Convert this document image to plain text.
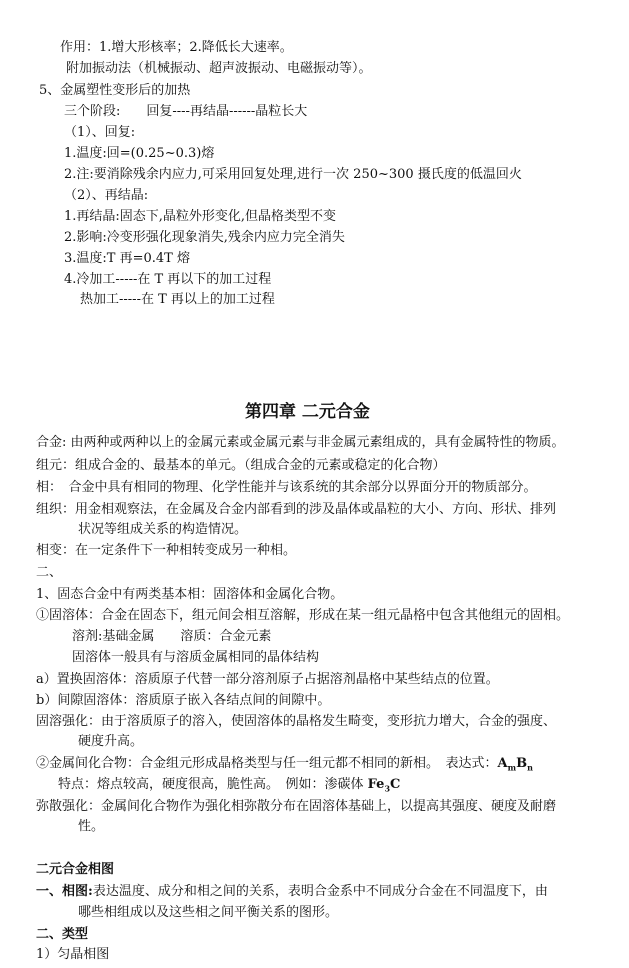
作用：1.增大形核率；2.降低长大速率。
附加振动法（机械振动、超声波振动、电磁振动等）。
5、金属塑性变形后的加热
三个阶段:　　回复----再结晶------晶粒长大
（1）、回复:
1.温度:回=(0.25~0.3)熔
2.注:要消除残余内应力,可采用回复处理,进行一次 250~300 摄氏度的低温回火
（2）、再结晶:
1.再结晶:固态下,晶粒外形变化,但晶格类型不变
2.影响:冷变形强化现象消失,残余内应力完全消失
3.温度:T 再=0.4T 熔
4.冷加工-----在 T 再以下的加工过程
热加工-----在 T 再以上的加工过程
第四章 二元合金
合金: 由两种或两种以上的金属元素或金属元素与非金属元素组成的，具有金属特性的物质。
组元：组成合金的、最基本的单元。（组成合金的元素或稳定的化合物）
相：　合金中具有相同的物理、化学性能并与该系统的其余部分以界面分开的物质部分。
组织：用金相观察法，在金属及合金内部看到的涉及晶体或晶粒的大小、方向、形状、排列
状况等组成关系的构造情况。
相变：在一定条件下一种相转变成另一种相。
二、
1、固态合金中有两类基本相：固溶体和金属化合物。
①固溶体：合金在固态下，组元间会相互溶解，形成在某一组元晶格中包含其他组元的固相。
溶剂:基础金属　　溶质：合金元素
固溶体一般具有与溶质金属相同的晶体结构
a）置换固溶体：溶质原子代替一部分溶剂原子占据溶剂晶格中某些结点的位置。
b）间隙固溶体：溶质原子嵌入各结点间的间隙中。
固溶强化：由于溶质原子的溶入，使固溶体的晶格发生畸变，变形抗力增大，合金的强度、
硬度升高。
②金属间化合物：合金组元形成晶格类型与任一组元都不相同的新相。　表达式：$A_mB_n$
特点：熔点较高，硬度很高，脆性高。　例如：渗碳体 $Fe_3C$
弥散强化：金属间化合物作为强化相弥散分布在固溶体基础上，以提高其强度、硬度及耐磨
性。
二元合金相图
一、相图:表达温度、成分和相之间的关系，表明合金系中不同成分合金在不同温度下，由
哪些相组成以及这些相之间平衡关系的图形。
二、类型
1）匀晶相图
